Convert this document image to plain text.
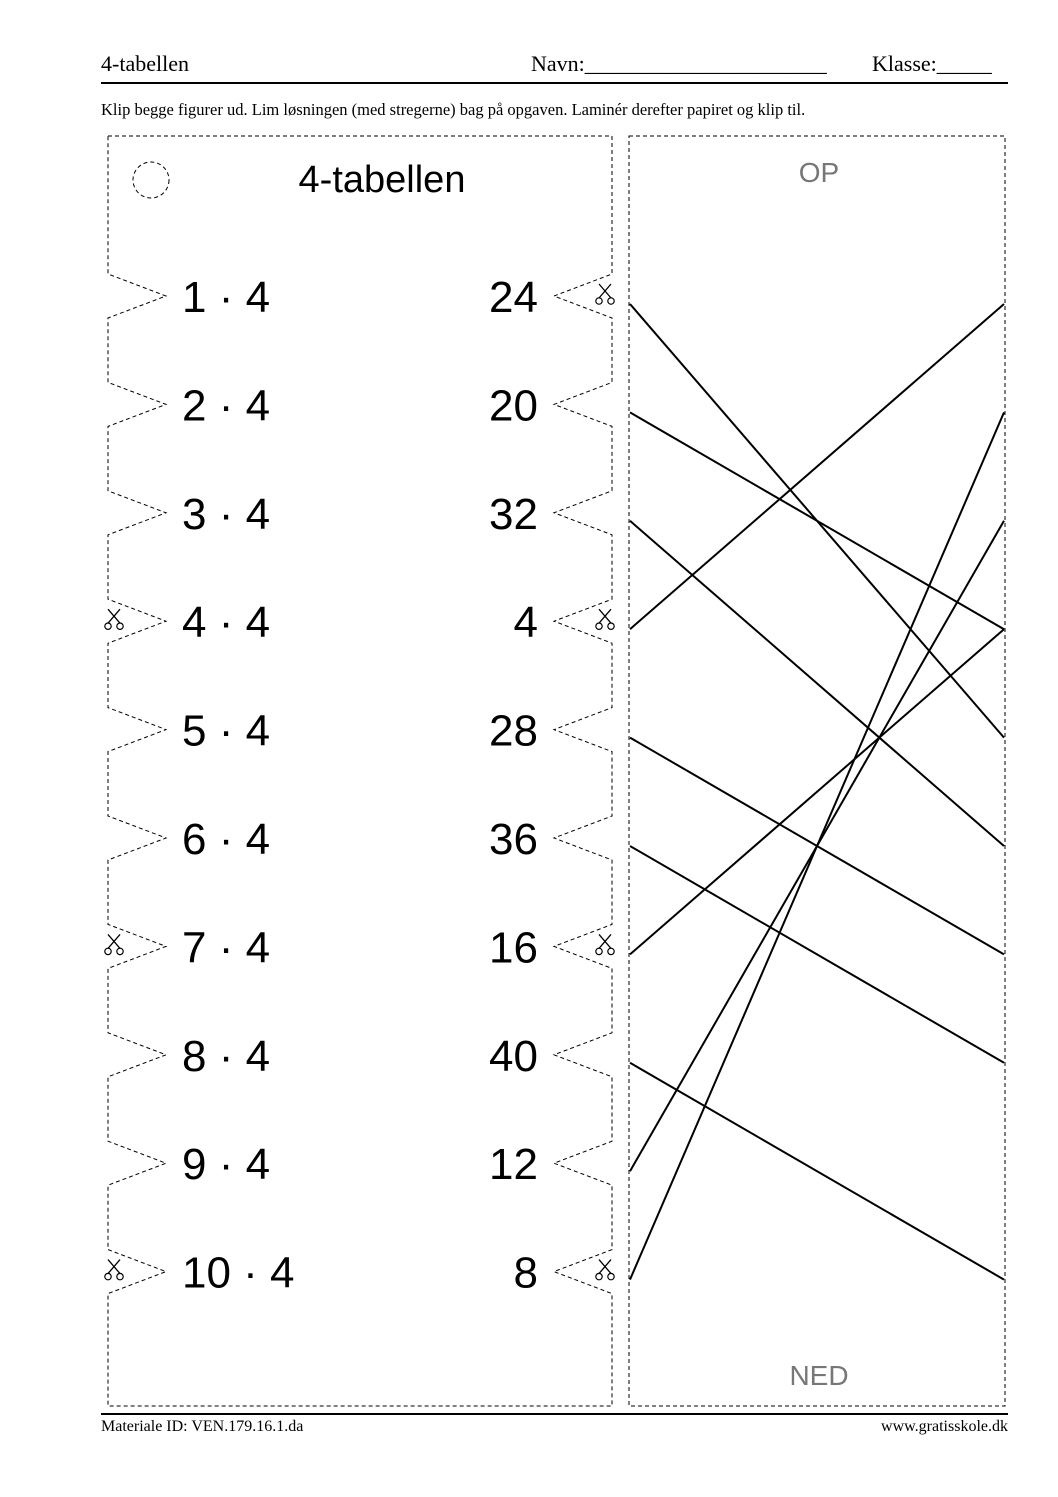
4-tabellen	Navn:______________________ Klasse:_____
Klip begge figurer ud. Lim løsningen (med stregerne) bag på opgaven. Laminér derefter papiret og klip til.
4-tabellen
1 · 4	24
2 · 4	20
3 · 4	32
4 · 4	4
5 · 4	28
6 · 4	36
7 · 4	16
8 · 4	40
9 · 4	12
10 · 4	8
OP
NED
Materiale ID: VEN.179.16.1.da	www.gratisskole.dk
